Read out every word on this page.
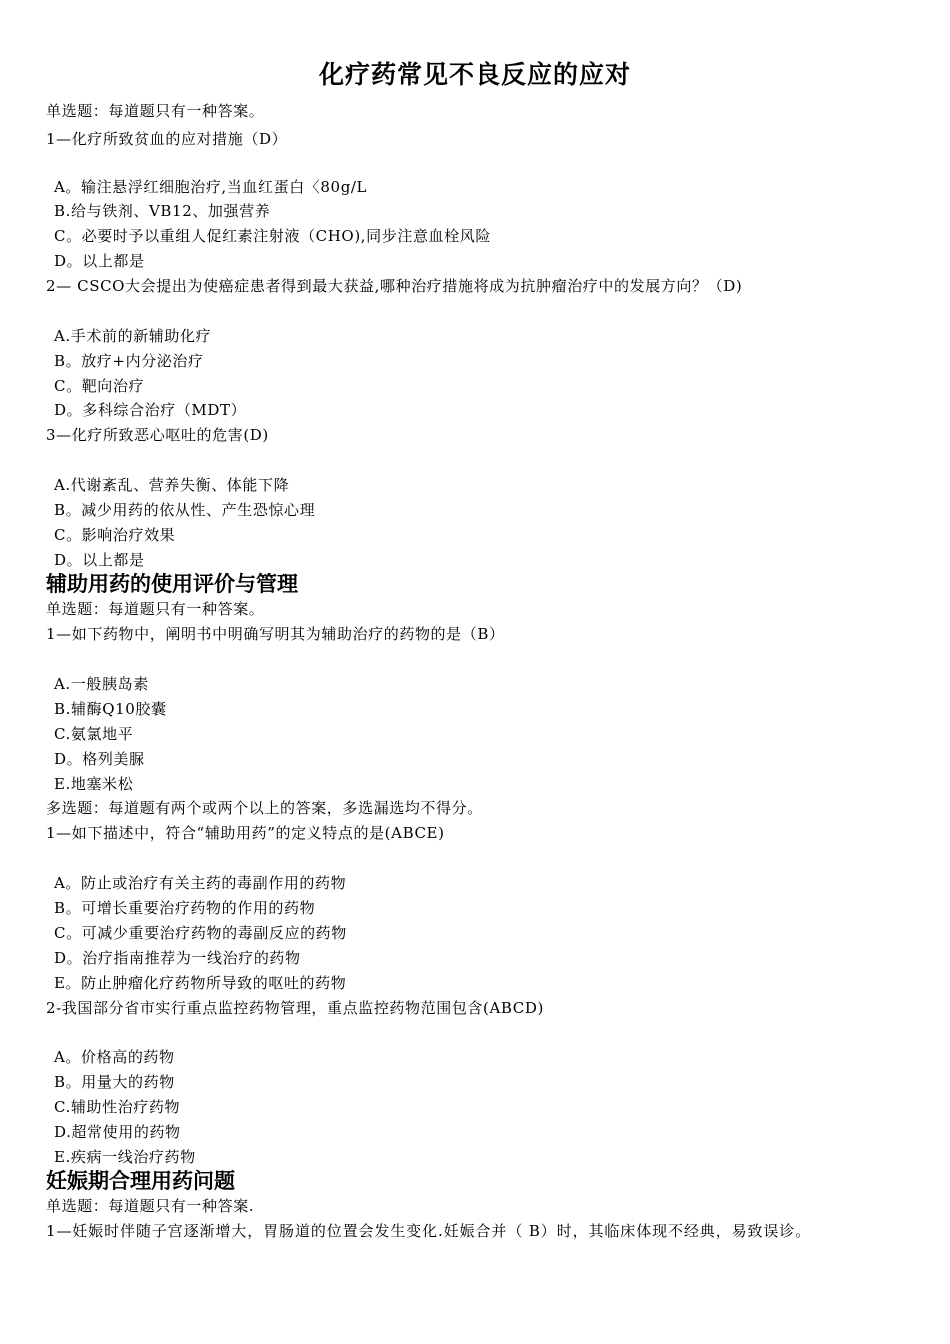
化疗药常见不良反应的应对
单选题：每道题只有一种答案。
1—化疗所致贫血的应对措施（D）
A。输注悬浮红细胞治疗,当血红蛋白〈80g/L
B.给与铁剂、VB12、加强营养
C。必要时予以重组人促红素注射液（CHO),同步注意血栓风险
D。以上都是
2— CSCO大会提出为使癌症患者得到最大获益,哪种治疗措施将成为抗肿瘤治疗中的发展方向？（D)
A.手术前的新辅助化疗
B。放疗+内分泌治疗
C。靶向治疗
D。多科综合治疗（MDT）
3—化疗所致恶心呕吐的危害(D)
A.代谢紊乱、营养失衡、体能下降
B。减少用药的依从性、产生恐惊心理
C。影响治疗效果
D。以上都是
辅助用药的使用评价与管理
单选题：每道题只有一种答案。
1—如下药物中，阐明书中明确写明其为辅助治疗的药物的是（B）
A.一般胰岛素
B.辅酶Q10胶囊
C.氨氯地平
D。格列美脲
E.地塞米松
多选题：每道题有两个或两个以上的答案，多选漏选均不得分。
1—如下描述中，符合“辅助用药”的定义特点的是(ABCE)
A。防止或治疗有关主药的毒副作用的药物
B。可增长重要治疗药物的作用的药物
C。可减少重要治疗药物的毒副反应的药物
D。治疗指南推荐为一线治疗的药物
E。防止肿瘤化疗药物所导致的呕吐的药物
2-我国部分省市实行重点监控药物管理，重点监控药物范围包含(ABCD)
A。价格高的药物
B。用量大的药物
C.辅助性治疗药物
D.超常使用的药物
E.疾病一线治疗药物
妊娠期合理用药问题
单选题：每道题只有一种答案.
1—妊娠时伴随子宫逐渐增大，胃肠道的位置会发生变化.妊娠合并（ B）时，其临床体现不经典，易致误诊。
